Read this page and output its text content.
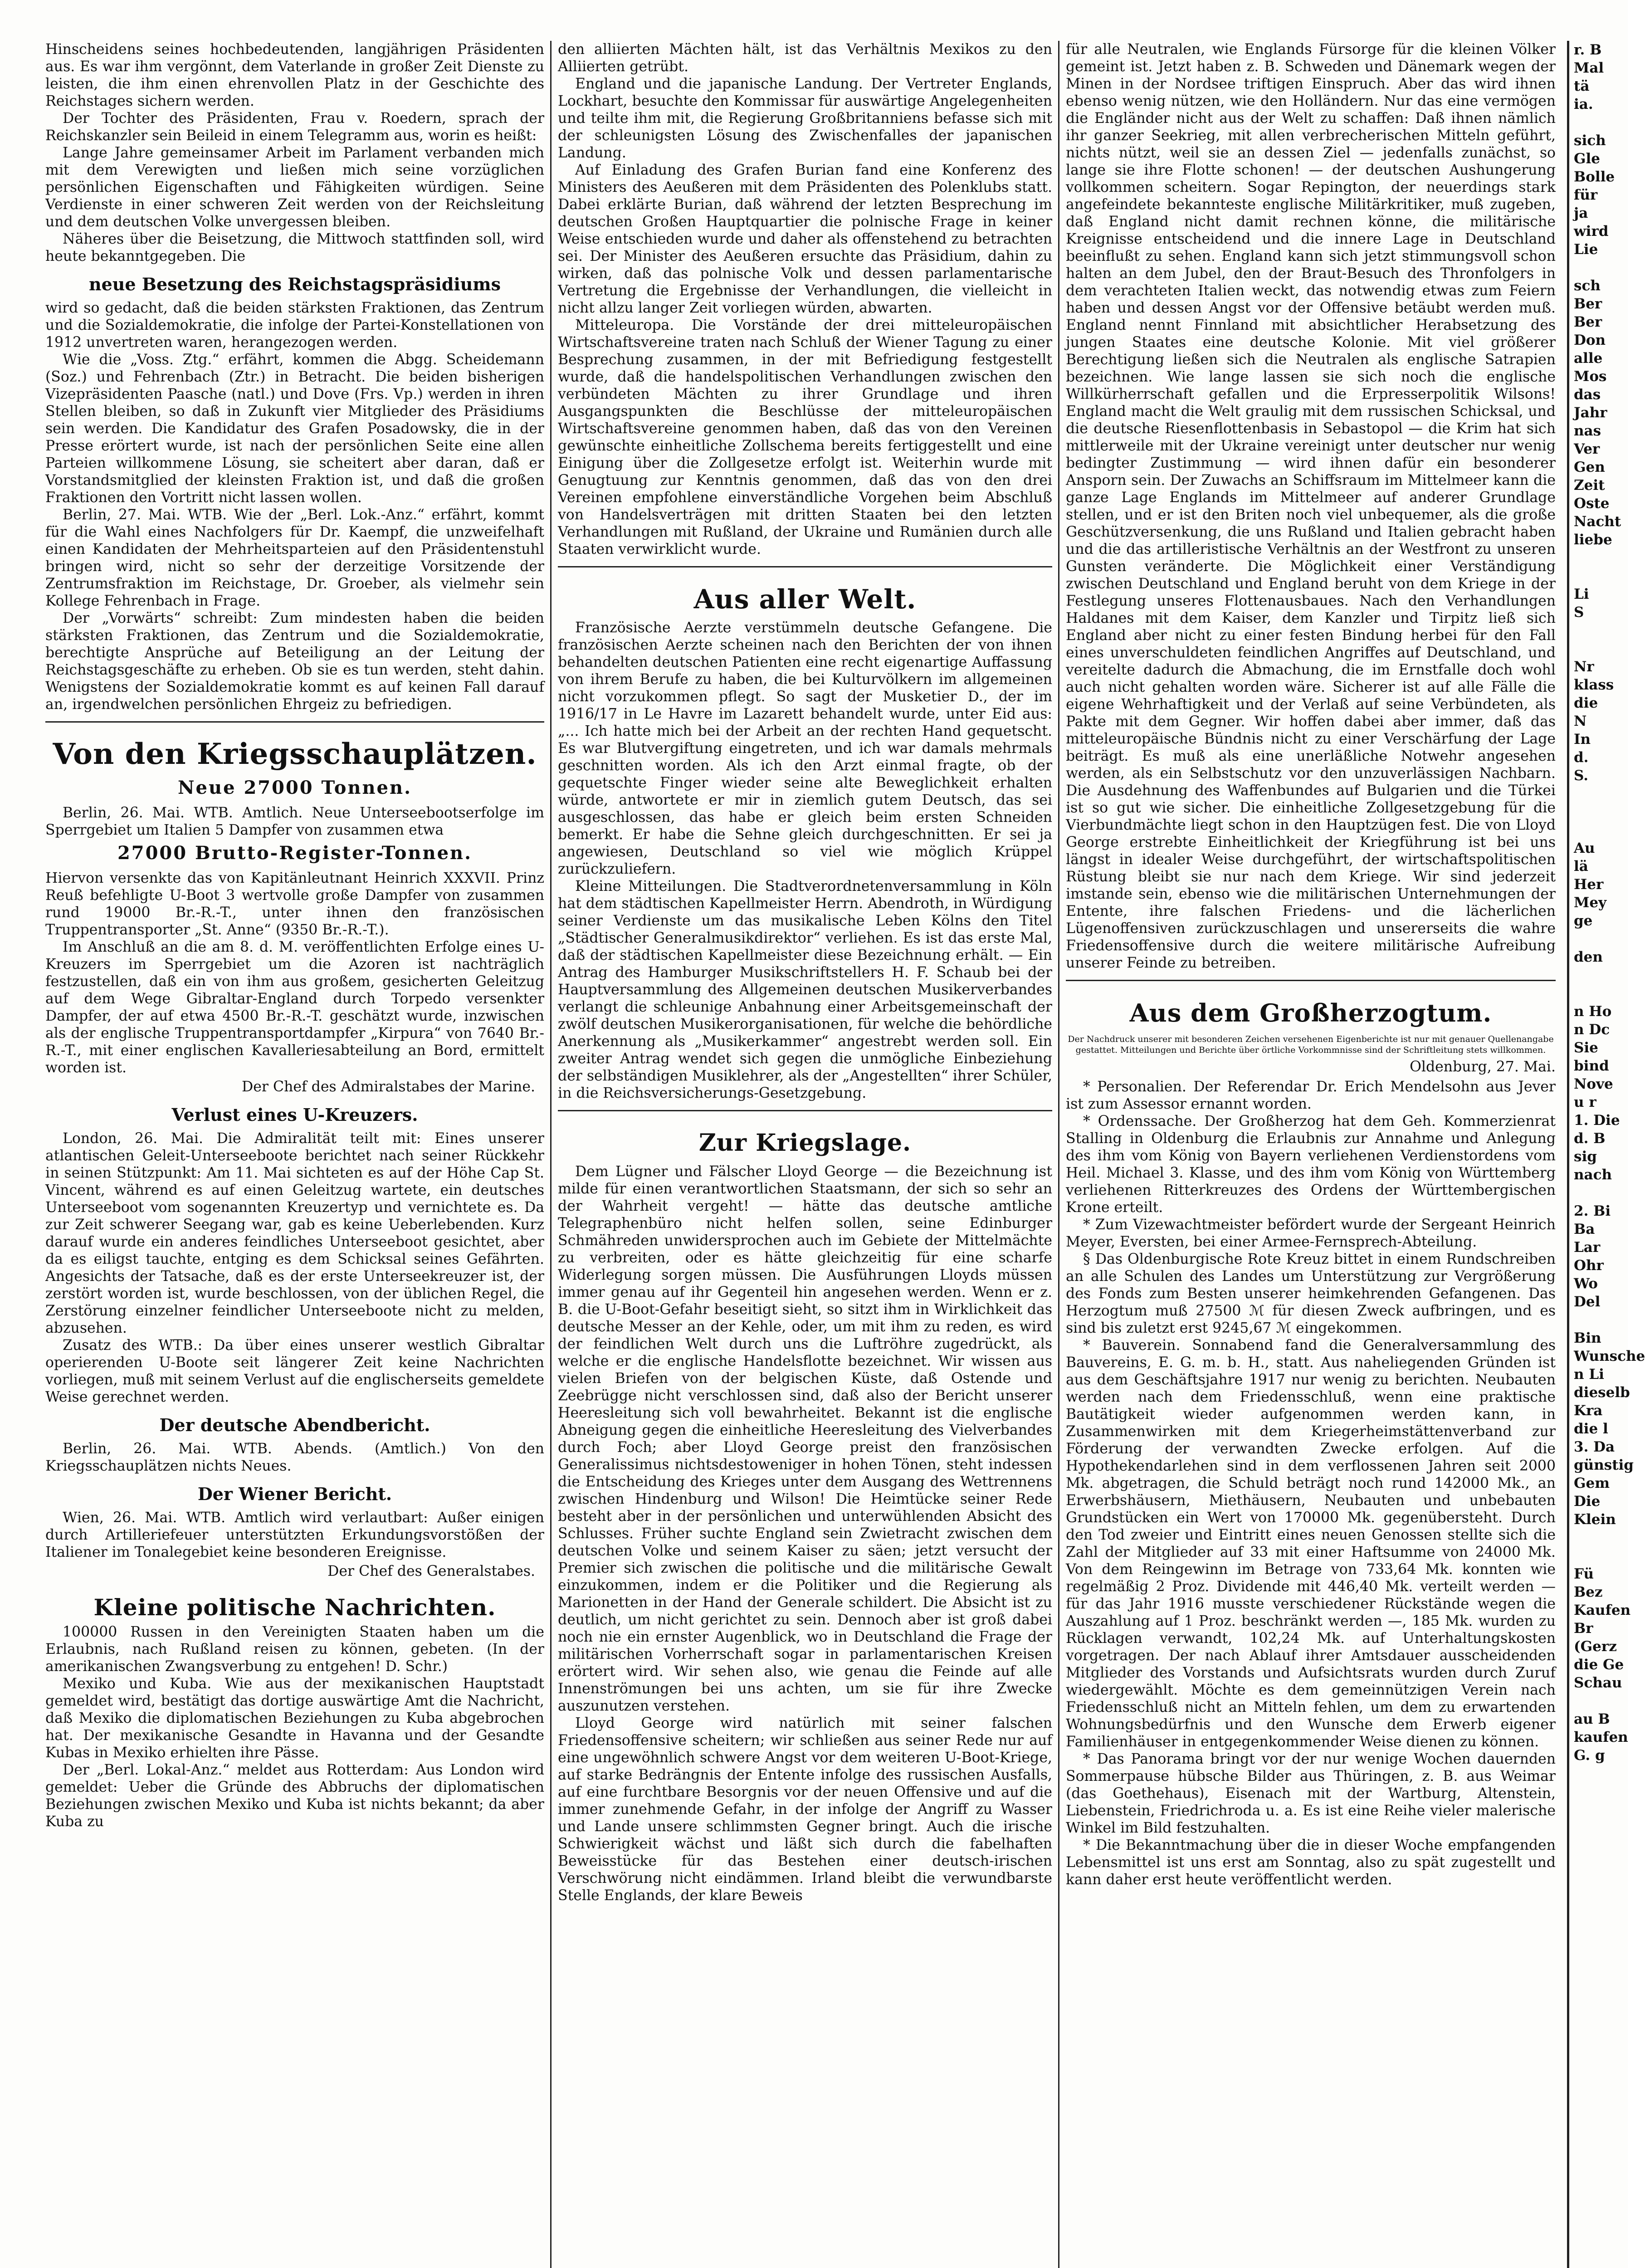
Hinscheidens seines hochbedeutenden, langjährigen Präsidenten aus. Es war ihm vergönnt, dem Vaterlande in großer Zeit Dienste zu leisten, die ihm einen ehrenvollen Platz in der Geschichte des Reichstages sichern werden.

Der Tochter des Präsidenten, Frau v. Roedern, sprach der Reichskanzler sein Beileid in einem Telegramm aus, worin es heißt:

Lange Jahre gemeinsamer Arbeit im Parlament verbanden mich mit dem Verewigten und ließen mich seine vorzüglichen persönlichen Eigenschaften und Fähigkeiten würdigen. Seine Verdienste in einer schweren Zeit werden von der Reichsleitung und dem deutschen Volke unvergessen bleiben.

Näheres über die Beisetzung, die Mittwoch stattfinden soll, wird heute bekanntgegeben. Die

neue Besetzung des Reichstagspräsidiums

wird so gedacht, daß die beiden stärksten Fraktionen, das Zentrum und die Sozialdemokratie, die infolge der Partei-Konstellationen von 1912 unvertreten waren, herangezogen werden.

Wie die „Voss. Ztg.“ erfährt, kommen die Abgg. Scheidemann (Soz.) und Fehrenbach (Ztr.) in Betracht. Die beiden bisherigen Vizepräsidenten Paasche (natl.) und Dove (Frs. Vp.) werden in ihren Stellen bleiben, so daß in Zukunft vier Mitglieder des Präsidiums sein werden. Die Kandidatur des Grafen Posadowsky, die in der Presse erörtert wurde, ist nach der persönlichen Seite eine allen Parteien willkommene Lösung, sie scheitert aber daran, daß er Vorstandsmitglied der kleinsten Fraktion ist, und daß die großen Fraktionen den Vortritt nicht lassen wollen.

Berlin, 27. Mai. WTB. Wie der „Berl. Lok.-Anz.“ erfährt, kommt für die Wahl eines Nachfolgers für Dr. Kaempf, die unzweifelhaft einen Kandidaten der Mehrheitsparteien auf den Präsidentenstuhl bringen wird, nicht so sehr der derzeitige Vorsitzende der Zentrumsfraktion im Reichstage, Dr. Groeber, als vielmehr sein Kollege Fehrenbach in Frage.

Der „Vorwärts“ schreibt: Zum mindesten haben die beiden stärksten Fraktionen, das Zentrum und die Sozialdemokratie, berechtigte Ansprüche auf Beteiligung an der Leitung der Reichstagsgeschäfte zu erheben. Ob sie es tun werden, steht dahin. Wenigstens der Sozialdemokratie kommt es auf keinen Fall darauf an, irgendwelchen persönlichen Ehrgeiz zu befriedigen.

Von den Kriegsschauplätzen.
Neue 27000 Tonnen.

Berlin, 26. Mai. WTB. Amtlich. Neue Unterseebootserfolge im Sperrgebiet um Italien 5 Dampfer von zusammen etwa

27000 Brutto-Register-Tonnen.

Hiervon versenkte das von Kapitänleutnant Heinrich XXXVII. Prinz Reuß befehligte U-Boot 3 wertvolle große Dampfer von zusammen rund 19000 Br.-R.-T., unter ihnen den französischen Truppentransporter „St. Anne“ (9350 Br.-R.-T.).

Im Anschluß an die am 8. d. M. veröffentlichten Erfolge eines U-Kreuzers im Sperrgebiet um die Azoren ist nachträglich festzustellen, daß ein von ihm aus großem, gesicherten Geleitzug auf dem Wege Gibraltar-England durch Torpedo versenkter Dampfer, der auf etwa 4500 Br.-R.-T. geschätzt wurde, inzwischen als der englische Truppentransportdampfer „Kirpura“ von 7640 Br.-R.-T., mit einer englischen Kavalleriesabteilung an Bord, ermittelt worden ist.

Der Chef des Admiralstabes der Marine.
Verlust eines U-Kreuzers.

London, 26. Mai. Die Admiralität teilt mit: Eines unserer atlantischen Geleit-Unterseeboote berichtet nach seiner Rückkehr in seinen Stützpunkt: Am 11. Mai sichteten es auf der Höhe Cap St. Vincent, während es auf einen Geleitzug wartete, ein deutsches Unterseeboot vom sogenannten Kreuzertyp und vernichtete es. Da zur Zeit schwerer Seegang war, gab es keine Ueberlebenden. Kurz darauf wurde ein anderes feindliches Unterseeboot gesichtet, aber da es eiligst tauchte, entging es dem Schicksal seines Gefährten. Angesichts der Tatsache, daß es der erste Unterseekreuzer ist, der zerstört worden ist, wurde beschlossen, von der üblichen Regel, die Zerstörung einzelner feindlicher Unterseeboote nicht zu melden, abzusehen.

Zusatz des WTB.: Da über eines unserer westlich Gibraltar operierenden U-Boote seit längerer Zeit keine Nachrichten vorliegen, muß mit seinem Verlust auf die englischerseits gemeldete Weise gerechnet werden.

Der deutsche Abendbericht.

Berlin, 26. Mai. WTB. Abends. (Amtlich.) Von den Kriegsschauplätzen nichts Neues.

Der Wiener Bericht.

Wien, 26. Mai. WTB. Amtlich wird verlautbart: Außer einigen durch Artilleriefeuer unterstützten Erkundungsvorstößen der Italiener im Tonalegebiet keine besonderen Ereignisse.

Der Chef des Generalstabes.
Kleine politische Nachrichten.

100000 Russen in den Vereinigten Staaten haben um die Erlaubnis, nach Rußland reisen zu können, gebeten. (In der amerikanischen Zwangsverbung zu entgehen! D. Schr.)

Mexiko und Kuba. Wie aus der mexikanischen Hauptstadt gemeldet wird, bestätigt das dortige auswärtige Amt die Nachricht, daß Mexiko die diplomatischen Beziehungen zu Kuba abgebrochen hat. Der mexikanische Gesandte in Havanna und der Gesandte Kubas in Mexiko erhielten ihre Pässe.

Der „Berl. Lokal-Anz.“ meldet aus Rotterdam: Aus London wird gemeldet: Ueber die Gründe des Abbruchs der diplomatischen Beziehungen zwischen Mexiko und Kuba ist nichts bekannt; da aber Kuba zu

den alliierten Mächten hält, ist das Verhältnis Mexikos zu den Alliierten getrübt.

England und die japanische Landung. Der Vertreter Englands, Lockhart, besuchte den Kommissar für auswärtige Angelegenheiten und teilte ihm mit, die Regierung Großbritanniens befasse sich mit der schleunigsten Lösung des Zwischenfalles der japanischen Landung.

Auf Einladung des Grafen Burian fand eine Konferenz des Ministers des Aeußeren mit dem Präsidenten des Polenklubs statt. Dabei erklärte Burian, daß während der letzten Besprechung im deutschen Großen Hauptquartier die polnische Frage in keiner Weise entschieden wurde und daher als offenstehend zu betrachten sei. Der Minister des Aeußeren ersuchte das Präsidium, dahin zu wirken, daß das polnische Volk und dessen parlamentarische Vertretung die Ergebnisse der Verhandlungen, die vielleicht in nicht allzu langer Zeit vorliegen würden, abwarten.

Mitteleuropa. Die Vorstände der drei mitteleuropäischen Wirtschaftsvereine traten nach Schluß der Wiener Tagung zu einer Besprechung zusammen, in der mit Befriedigung festgestellt wurde, daß die handelspolitischen Verhandlungen zwischen den verbündeten Mächten zu ihrer Grundlage und ihren Ausgangspunkten die Beschlüsse der mitteleuropäischen Wirtschaftsvereine genommen haben, daß das von den Vereinen gewünschte einheitliche Zollschema bereits fertiggestellt und eine Einigung über die Zollgesetze erfolgt ist. Weiterhin wurde mit Genugtuung zur Kenntnis genommen, daß das von den drei Vereinen empfohlene einverständliche Vorgehen beim Abschluß von Handelsverträgen mit dritten Staaten bei den letzten Verhandlungen mit Rußland, der Ukraine und Rumänien durch alle Staaten verwirklicht wurde.

Aus aller Welt.

Französische Aerzte verstümmeln deutsche Gefangene. Die französischen Aerzte scheinen nach den Berichten der von ihnen behandelten deutschen Patienten eine recht eigenartige Auffassung von ihrem Berufe zu haben, die bei Kulturvölkern im allgemeinen nicht vorzukommen pflegt. So sagt der Musketier D., der im 1916/17 in Le Havre im Lazarett behandelt wurde, unter Eid aus: „... Ich hatte mich bei der Arbeit an der rechten Hand gequetscht. Es war Blutvergiftung eingetreten, und ich war damals mehrmals geschnitten worden. Als ich den Arzt einmal fragte, ob der gequetschte Finger wieder seine alte Beweglichkeit erhalten würde, antwortete er mir in ziemlich gutem Deutsch, das sei ausgeschlossen, das habe er gleich beim ersten Schneiden bemerkt. Er habe die Sehne gleich durchgeschnitten. Er sei ja angewiesen, Deutschland so viel wie möglich Krüppel zurückzuliefern.

Kleine Mitteilungen. Die Stadtverordnetenversammlung in Köln hat dem städtischen Kapellmeister Herrn. Abendroth, in Würdigung seiner Verdienste um das musikalische Leben Kölns den Titel „Städtischer Generalmusikdirektor“ verliehen. Es ist das erste Mal, daß der städtischen Kapellmeister diese Bezeichnung erhält. — Ein Antrag des Hamburger Musikschriftstellers H. F. Schaub bei der Hauptversammlung des Allgemeinen deutschen Musikerverbandes verlangt die schleunige Anbahnung einer Arbeitsgemeinschaft der zwölf deutschen Musikerorganisationen, für welche die behördliche Anerkennung als „Musikerkammer“ angestrebt werden soll. Ein zweiter Antrag wendet sich gegen die unmögliche Einbeziehung der selbständigen Musiklehrer, als der „Angestellten“ ihrer Schüler, in die Reichsversicherungs-Gesetzgebung.

Zur Kriegslage.

Dem Lügner und Fälscher Lloyd George — die Bezeichnung ist milde für einen verantwortlichen Staatsmann, der sich so sehr an der Wahrheit vergeht! — hätte das deutsche amtliche Telegraphenbüro nicht helfen sollen, seine Edinburger Schmähreden unwidersprochen auch im Gebiete der Mittelmächte zu verbreiten, oder es hätte gleichzeitig für eine scharfe Widerlegung sorgen müssen. Die Ausführungen Lloyds müssen immer genau auf ihr Gegenteil hin angesehen werden. Wenn er z. B. die U-Boot-Gefahr beseitigt sieht, so sitzt ihm in Wirklichkeit das deutsche Messer an der Kehle, oder, um mit ihm zu reden, es wird der feindlichen Welt durch uns die Luftröhre zugedrückt, als welche er die englische Handelsflotte bezeichnet. Wir wissen aus vielen Briefen von der belgischen Küste, daß Ostende und Zeebrügge nicht verschlossen sind, daß also der Bericht unserer Heeresleitung sich voll bewahrheitet. Bekannt ist die englische Abneigung gegen die einheitliche Heeresleitung des Vielverbandes durch Foch; aber Lloyd George preist den französischen Generalissimus nichtsdestoweniger in hohen Tönen, steht indessen die Entscheidung des Krieges unter dem Ausgang des Wettrennens zwischen Hindenburg und Wilson! Die Heimtücke seiner Rede besteht aber in der persönlichen und unterwühlenden Absicht des Schlusses. Früher suchte England sein Zwietracht zwischen dem deutschen Volke und seinem Kaiser zu säen; jetzt versucht der Premier sich zwischen die politische und die militärische Gewalt einzukommen, indem er die Politiker und die Regierung als Marionetten in der Hand der Generale schildert. Die Absicht ist zu deutlich, um nicht gerichtet zu sein. Dennoch aber ist groß dabei noch nie ein ernster Augenblick, wo in Deutschland die Frage der militärischen Vorherrschaft sogar in parlamentarischen Kreisen erörtert wird. Wir sehen also, wie genau die Feinde auf alle Innenströmungen bei uns achten, um sie für ihre Zwecke auszunutzen verstehen.

Lloyd George wird natürlich mit seiner falschen Friedensoffensive scheitern; wir schließen aus seiner Rede nur auf eine ungewöhnlich schwere Angst vor dem weiteren U-Boot-Kriege, auf starke Bedrängnis der Entente infolge des russischen Ausfalls, auf eine furchtbare Besorgnis vor der neuen Offensive und auf die immer zunehmende Gefahr, in der infolge der Angriff zu Wasser und Lande unsere schlimmsten Gegner bringt. Auch die irische Schwierigkeit wächst und läßt sich durch die fabelhaften Beweisstücke für das Bestehen einer deutsch-irischen Verschwörung nicht eindämmen. Irland bleibt die verwundbarste Stelle Englands, der klare Beweis

für alle Neutralen, wie Englands Fürsorge für die kleinen Völker gemeint ist. Jetzt haben z. B. Schweden und Dänemark wegen der Minen in der Nordsee triftigen Einspruch. Aber das wird ihnen ebenso wenig nützen, wie den Holländern. Nur das eine vermögen die Engländer nicht aus der Welt zu schaffen: Daß ihnen nämlich ihr ganzer Seekrieg, mit allen verbrecherischen Mitteln geführt, nichts nützt, weil sie an dessen Ziel — jedenfalls zunächst, so lange sie ihre Flotte schonen! — der deutschen Aushungerung vollkommen scheitern. Sogar Repington, der neuerdings stark angefeindete bekannteste englische Militärkritiker, muß zugeben, daß England nicht damit rechnen könne, die militärische Kreignisse entscheidend und die innere Lage in Deutschland beeinflußt zu sehen. England kann sich jetzt stimmungsvoll schon halten an dem Jubel, den der Braut-Besuch des Thronfolgers in dem verachteten Italien weckt, das notwendig etwas zum Feiern haben und dessen Angst vor der Offensive betäubt werden muß. England nennt Finnland mit absichtlicher Herabsetzung des jungen Staates eine deutsche Kolonie. Mit viel größerer Berechtigung ließen sich die Neutralen als englische Satrapien bezeichnen. Wie lange lassen sie sich noch die englische Willkürherrschaft gefallen und die Erpresserpolitik Wilsons! England macht die Welt graulig mit dem russischen Schicksal, und die deutsche Riesenflottenbasis in Sebastopol — die Krim hat sich mittlerweile mit der Ukraine vereinigt unter deutscher nur wenig bedingter Zustimmung — wird ihnen dafür ein besonderer Ansporn sein. Der Zuwachs an Schiffsraum im Mittelmeer kann die ganze Lage Englands im Mittelmeer auf anderer Grundlage stellen, und er ist den Briten noch viel unbequemer, als die große Geschützversenkung, die uns Rußland und Italien gebracht haben und die das artilleristische Verhältnis an der Westfront zu unseren Gunsten veränderte. Die Möglichkeit einer Verständigung zwischen Deutschland und England beruht von dem Kriege in der Festlegung unseres Flottenausbaues. Nach den Verhandlungen Haldanes mit dem Kaiser, dem Kanzler und Tirpitz ließ sich England aber nicht zu einer festen Bindung herbei für den Fall eines unverschuldeten feindlichen Angriffes auf Deutschland, und vereitelte dadurch die Abmachung, die im Ernstfalle doch wohl auch nicht gehalten worden wäre. Sicherer ist auf alle Fälle die eigene Wehrhaftigkeit und der Verlaß auf seine Verbündeten, als Pakte mit dem Gegner. Wir hoffen dabei aber immer, daß das mitteleuropäische Bündnis nicht zu einer Verschärfung der Lage beiträgt. Es muß als eine unerläßliche Notwehr angesehen werden, als ein Selbstschutz vor den unzuverlässigen Nachbarn. Die Ausdehnung des Waffenbundes auf Bulgarien und die Türkei ist so gut wie sicher. Die einheitliche Zollgesetzgebung für die Vierbundmächte liegt schon in den Hauptzügen fest. Die von Lloyd George erstrebte Einheitlichkeit der Kriegführung ist bei uns längst in idealer Weise durchgeführt, der wirtschaftspolitischen Rüstung bleibt sie nur nach dem Kriege. Wir sind jederzeit imstande sein, ebenso wie die militärischen Unternehmungen der Entente, ihre falschen Friedens- und die lächerlichen Lügenoffensiven zurückzuschlagen und unsererseits die wahre Friedensoffensive durch die weitere militärische Aufreibung unserer Feinde zu betreiben.

Aus dem Großherzogtum.
Der Nachdruck unserer mit besonderen Zeichen versehenen Eigenberichte ist nur mit genauer Quellenangabe gestattet. Mitteilungen und Berichte über örtliche Vorkommnisse sind der Schriftleitung stets willkommen.
Oldenburg, 27. Mai.

* Personalien. Der Referendar Dr. Erich Mendelsohn aus Jever ist zum Assessor ernannt worden.

* Ordenssache. Der Großherzog hat dem Geh. Kommerzienrat Stalling in Oldenburg die Erlaubnis zur Annahme und Anlegung des ihm vom König von Bayern verliehenen Verdienstordens vom Heil. Michael 3. Klasse, und des ihm vom König von Württemberg verliehenen Ritterkreuzes des Ordens der Württembergischen Krone erteilt.

* Zum Vizewachtmeister befördert wurde der Sergeant Heinrich Meyer, Eversten, bei einer Armee-Fernsprech-Abteilung.

§ Das Oldenburgische Rote Kreuz bittet in einem Rundschreiben an alle Schulen des Landes um Unterstützung zur Vergrößerung des Fonds zum Besten unserer heimkehrenden Gefangenen. Das Herzogtum muß 27500 ℳ für diesen Zweck aufbringen, und es sind bis zuletzt erst 9245,67 ℳ eingekommen.

* Bauverein. Sonnabend fand die Generalversammlung des Bauvereins, E. G. m. b. H., statt. Aus naheliegenden Gründen ist aus dem Geschäftsjahre 1917 nur wenig zu berichten. Neubauten werden nach dem Friedensschluß, wenn eine praktische Bautätigkeit wieder aufgenommen werden kann, in Zusammenwirken mit dem Kriegerheimstättenverband zur Förderung der verwandten Zwecke erfolgen. Auf die Hypothekendarlehen sind in dem verflossenen Jahren seit 2000 Mk. abgetragen, die Schuld beträgt noch rund 142000 Mk., an Erwerbshäusern, Miethäusern, Neubauten und unbebauten Grundstücken ein Wert von 170000 Mk. gegenübersteht. Durch den Tod zweier und Eintritt eines neuen Genossen stellte sich die Zahl der Mitglieder auf 33 mit einer Haftsumme von 24000 Mk. Von dem Reingewinn im Betrage von 733,64 Mk. konnten wie regelmäßig 2 Proz. Dividende mit 446,40 Mk. verteilt werden — für das Jahr 1916 musste verschiedener Rückstände wegen die Auszahlung auf 1 Proz. beschränkt werden —, 185 Mk. wurden zu Rücklagen verwandt, 102,24 Mk. auf Unterhaltungskosten vorgetragen. Der nach Ablauf ihrer Amtsdauer ausscheidenden Mitglieder des Vorstands und Aufsichtsrats wurden durch Zuruf wiedergewählt. Möchte es dem gemeinnützigen Verein nach Friedensschluß nicht an Mitteln fehlen, um dem zu erwartenden Wohnungsbedürfnis und den Wunsche dem Erwerb eigener Familienhäuser in entgegenkommender Weise dienen zu können.

* Das Panorama bringt vor der nur wenige Wochen dauernden Sommerpause hübsche Bilder aus Thüringen, z. B. aus Weimar (das Goethehaus), Eisenach mit der Wartburg, Altenstein, Liebenstein, Friedrichroda u. a. Es ist eine Reihe vieler malerische Winkel im Bild festzuhalten.

* Die Bekanntmachung über die in dieser Woche empfangenden Lebensmittel ist uns erst am Sonntag, also zu spät zugestellt und kann daher erst heute veröffentlicht werden.

r. B
Mal
tä
ia.

sich
Gle
Bolle
für
ja
wird
Lie

sch
Ber
Ber
Don
alle
Mos
das
Jahr
nas
Ver
Gen
Zeit
Oste
Nacht
liebe

Li
S

Nr
klass
die
N
In
d.
S.

Au
lä
Her
Mey
ge

den

n Ho
n Dc
Sie
bind
Nove
u r
1. Die
d. B
sig
nach

2. Bi
Ba
Lar
Ohr
Wo
Del

Bin
Wunsche
n Li
dieselb
Kra
die l
3. Da
günstig
Gem
Die
Klein

Fü
Bez
Kaufen
Br
(Gerz
die Ge
Schau

au B
kaufen
G. g
